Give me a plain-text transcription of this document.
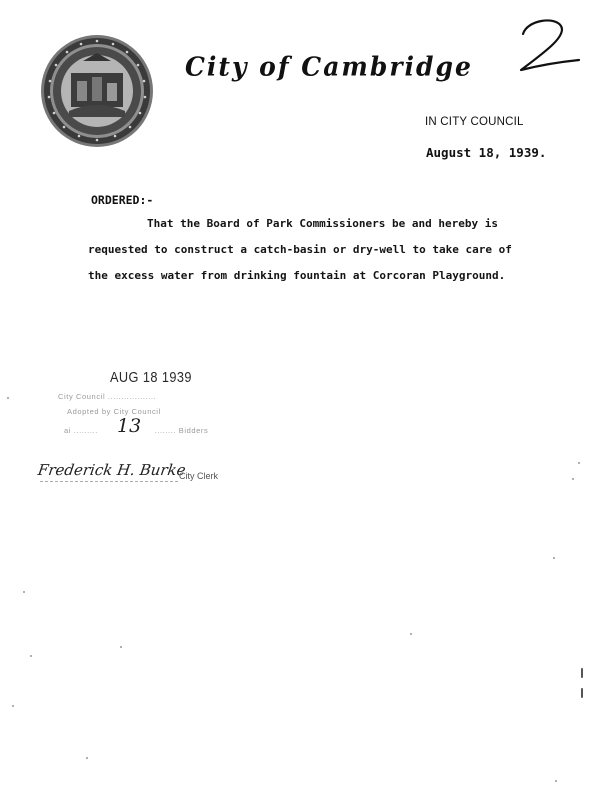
City of Cambridge
IN CITY COUNCIL
August 18, 1939.
ORDERED:-
That the Board of Park Commissioners be and hereby is
requested to construct a catch-basin or dry-well to take care of
the excess water from drinking fountain at Corcoran Playground.
AUG 18 1939
City Council ..................
Adopted by City Council
ai .........	........ Bidders
13
Frederick H. Burke
City Clerk
